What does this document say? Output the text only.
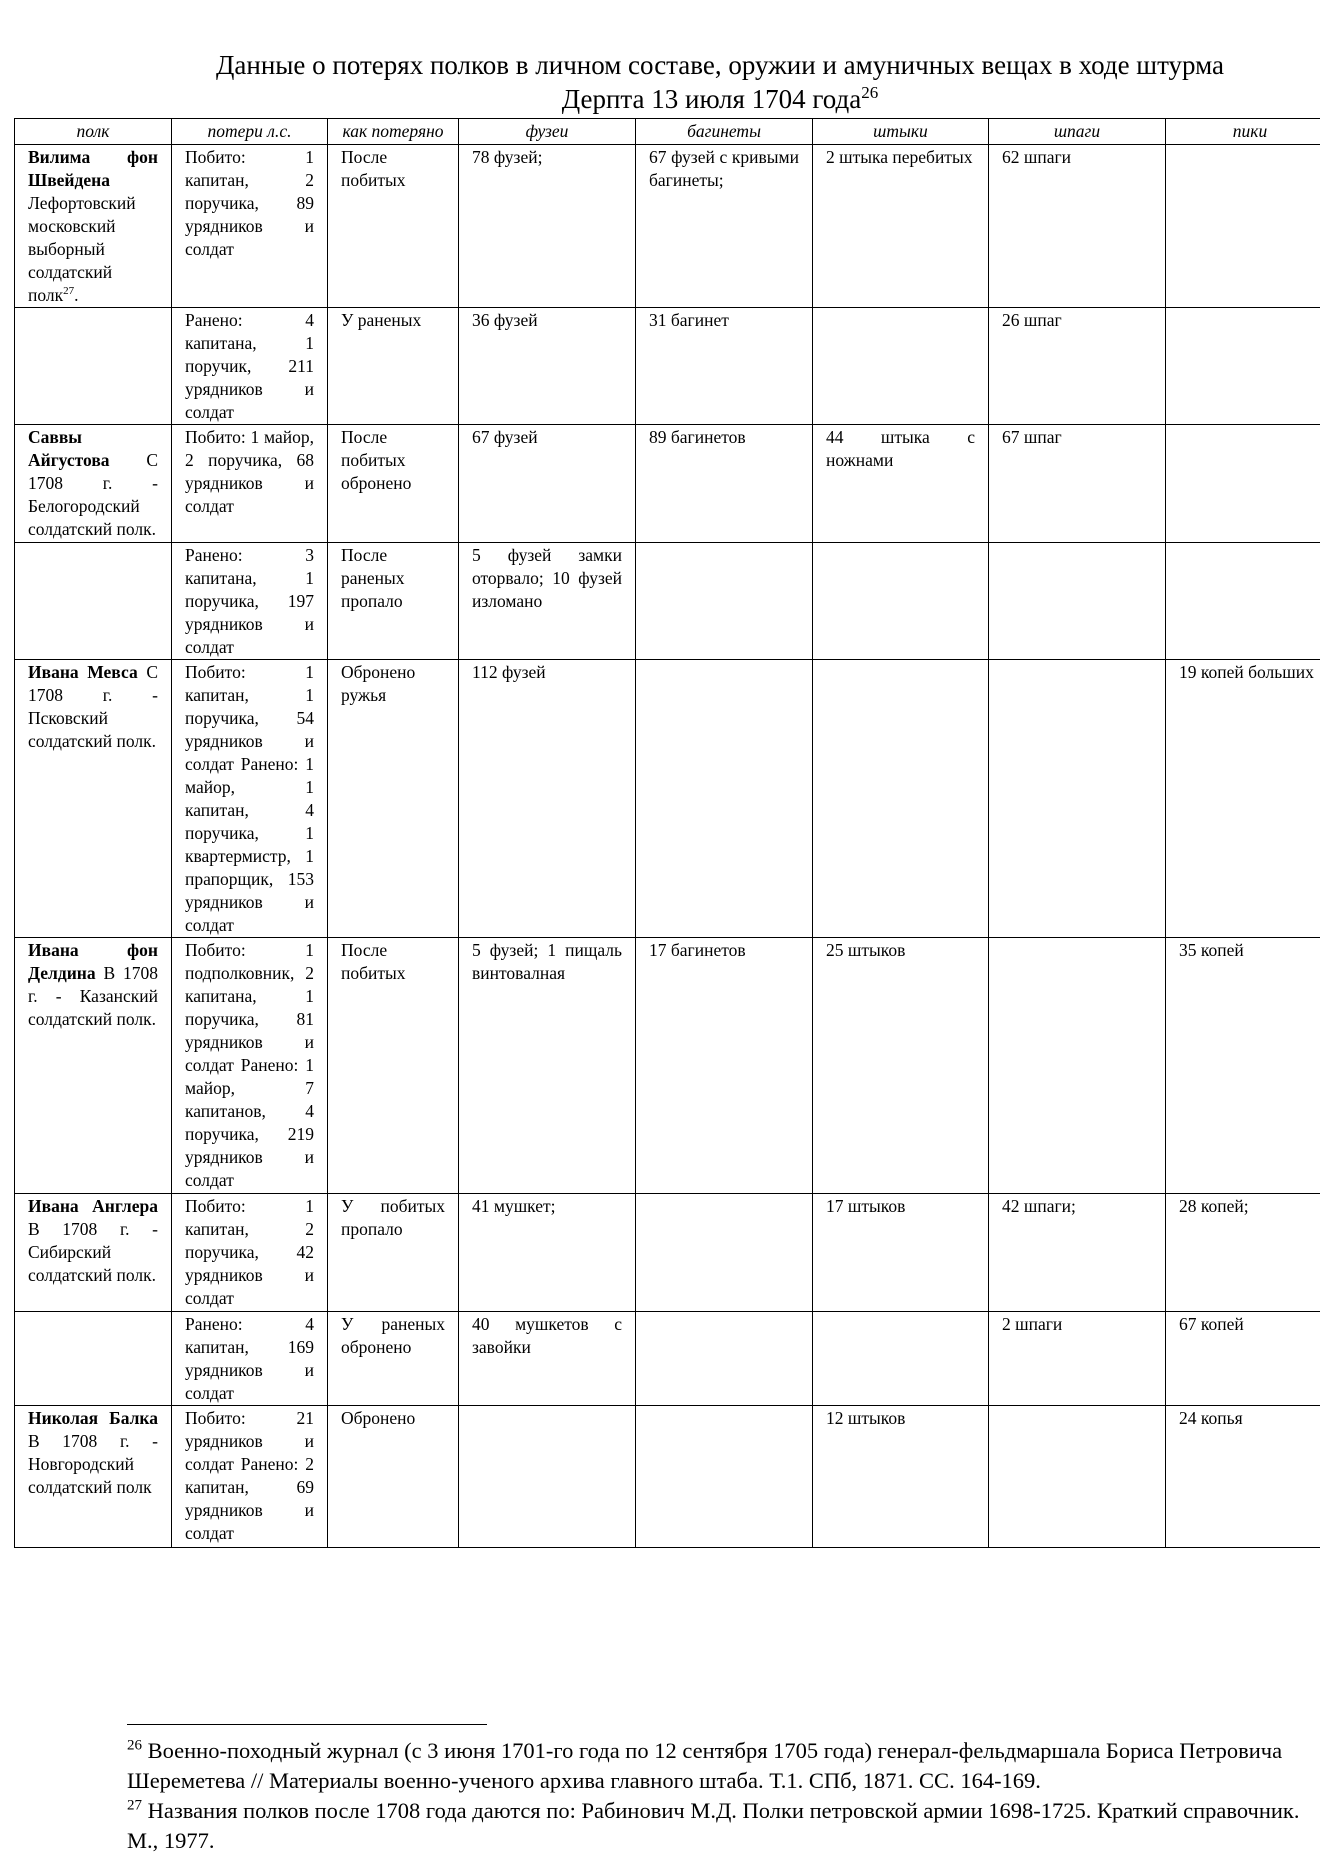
Данные о потерях полков в личном составе, оружии и амуничных вещах в ходе штурма
Дерпта 13 июля 1704 года$^{26}$
полк	потери л.с.	как потеряно	фузеи	багинеты	штыки	шпаги	пики
Вилима фон Швейдена Лефортовский московский выборный солдатский полк$^{27}$.	Побито: 1 капитан, 2 поручика, 89 урядников и солдат	После побитых	78 фузей;	67 фузей с кривыми багинеты;	2 штыка перебитых	62 шпаги	
	Ранено: 4 капитана, 1 поручик, 211 урядников и солдат	У раненых	36 фузей	31 багинет		26 шпаг	
Саввы Айгустова С 1708 г. - Белогородский солдатский полк.	Побито: 1 майор, 2 поручика, 68 урядников и солдат	После побитых обронено	67 фузей	89 багинетов	44 штыка с ножнами	67 шпаг	
	Ранено: 3 капитана, 1 поручика, 197 урядников и солдат	После раненых пропало	5 фузей замки оторвало; 10 фузей изломано				
Ивана Мевса С 1708 г. - Псковский солдатский полк.	Побито: 1 капитан, 1 поручика, 54 урядников и солдат Ранено: 1 майор, 1 капитан, 4 поручика, 1 квартермистр, 1 прапорщик, 153 урядников и солдат	Обронено ружья	112 фузей				19 копей больших
Ивана фон Делдина В 1708 г. - Казанский солдатский полк.	Побито: 1 подполковник, 2 капитана, 1 поручика, 81 урядников и солдат Ранено: 1 майор, 7 капитанов, 4 поручика, 219 урядников и солдат	После побитых	5 фузей; 1 пищаль винтовалная	17 багинетов	25 штыков		35 копей
Ивана Англера В 1708 г. - Сибирский солдатский полк.	Побито: 1 капитан, 2 поручика, 42 урядников и солдат	У побитых пропало	41 мушкет;		17 штыков	42 шпаги;	28 копей;
	Ранено: 4 капитан, 169 урядников и солдат	У раненых обронено	40 мушкетов с завойки			2 шпаги	67 копей
Николая Балка В 1708 г. - Новгородский солдатский полк	Побито: 21 урядников и солдат Ранено: 2 капитан, 69 урядников и солдат	Обронено			12 штыков		24 копья

$^{26}$ Военно-походный журнал (с 3 июня 1701-го года по 12 сентября 1705 года) генерал-фельдмаршала Бориса Петровича Шереметева // Материалы военно-ученого архива главного штаба. Т.1. СПб, 1871. СС. 164-169.

$^{27}$ Названия полков после 1708 года даются по: Рабинович М.Д. Полки петровской армии 1698-1725. Краткий справочник. М., 1977.
